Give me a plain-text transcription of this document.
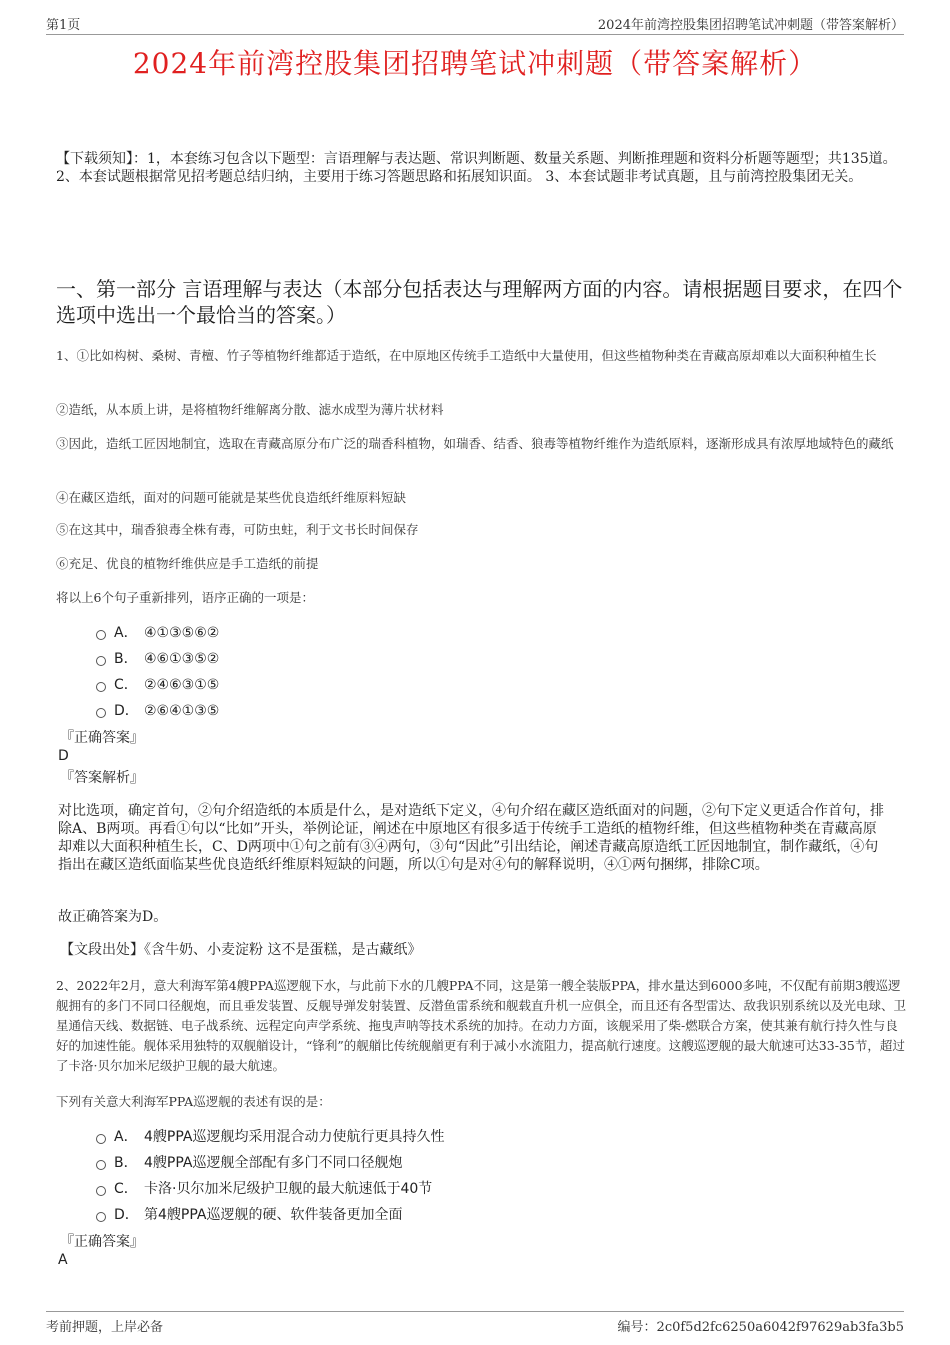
第1页	2024年前湾控股集团招聘笔试冲刺题（带答案解析）
2024年前湾控股集团招聘笔试冲刺题（带答案解析）
【下载须知】：1，本套练习包含以下题型：言语理解与表达题、常识判断题、数量关系题、判断推理题和资料分析题等题型；共135道。 2、本套试题根据常见招考题总结归纳，主要用于练习答题思路和拓展知识面。 3、本套试题非考试真题，且与前湾控股集团无关。
一、第一部分 言语理解与表达（本部分包括表达与理解两方面的内容。请根据题目要求，在四个选项中选出一个最恰当的答案。）
1、①比如构树、桑树、青檀、竹子等植物纤维都适于造纸，在中原地区传统手工造纸中大量使用，但这些植物种类在青藏高原却难以大面积种植生长
②造纸，从本质上讲，是将植物纤维解离分散、滤水成型为薄片状材料
③因此，造纸工匠因地制宜，选取在青藏高原分布广泛的瑞香科植物，如瑞香、结香、狼毒等植物纤维作为造纸原料，逐渐形成具有浓厚地域特色的藏纸
④在藏区造纸，面对的问题可能就是某些优良造纸纤维原料短缺
⑤在这其中，瑞香狼毒全株有毒，可防虫蛀，利于文书长时间保存
⑥充足、优良的植物纤维供应是手工造纸的前提
将以上6个句子重新排列，语序正确的一项是：
A． ④①③⑤⑥②
B． ④⑥①③⑤②
C． ②④⑥③①⑤
D． ②⑥④①③⑤
『正确答案』
D
『答案解析』
对比选项，确定首句，②句介绍造纸的本质是什么，是对造纸下定义，④句介绍在藏区造纸面对的问题，②句下定义更适合作首句，排除A、B两项。再看①句以“比如”开头，举例论证，阐述在中原地区有很多适于传统手工造纸的植物纤维，但这些植物种类在青藏高原却难以大面积种植生长，C、D两项中①句之前有③④两句，③句“因此”引出结论，阐述青藏高原造纸工匠因地制宜，制作藏纸，④句指出在藏区造纸面临某些优良造纸纤维原料短缺的问题，所以①句是对④句的解释说明，④①两句捆绑，排除C项。
故正确答案为D。
【文段出处】《含牛奶、小麦淀粉 这不是蛋糕，是古藏纸》
2、2022年2月，意大利海军第4艘PPA巡逻舰下水，与此前下水的几艘PPA不同，这是第一艘全装版PPA，排水量达到6000多吨，不仅配有前期3艘巡逻舰拥有的多门不同口径舰炮，而且垂发装置、反舰导弹发射装置、反潜鱼雷系统和舰载直升机一应俱全，而且还有各型雷达、敌我识别系统以及光电球、卫星通信天线、数据链、电子战系统、远程定向声学系统、拖曳声呐等技术系统的加持。在动力方面，该舰采用了柴-燃联合方案，使其兼有航行持久性与良好的加速性能。舰体采用独特的双舰艏设计，“锋利”的舰艏比传统舰艏更有利于减小水流阻力，提高航行速度。这艘巡逻舰的最大航速可达33-35节，超过了卡洛·贝尔加米尼级护卫舰的最大航速。
下列有关意大利海军PPA巡逻舰的表述有误的是：
A． 4艘PPA巡逻舰均采用混合动力使航行更具持久性
B． 4艘PPA巡逻舰全部配有多门不同口径舰炮
C． 卡洛·贝尔加米尼级护卫舰的最大航速低于40节
D． 第4艘PPA巡逻舰的硬、软件装备更加全面
『正确答案』
A
考前押题，上岸必备	编号：2c0f5d2fc6250a6042f97629ab3fa3b5
